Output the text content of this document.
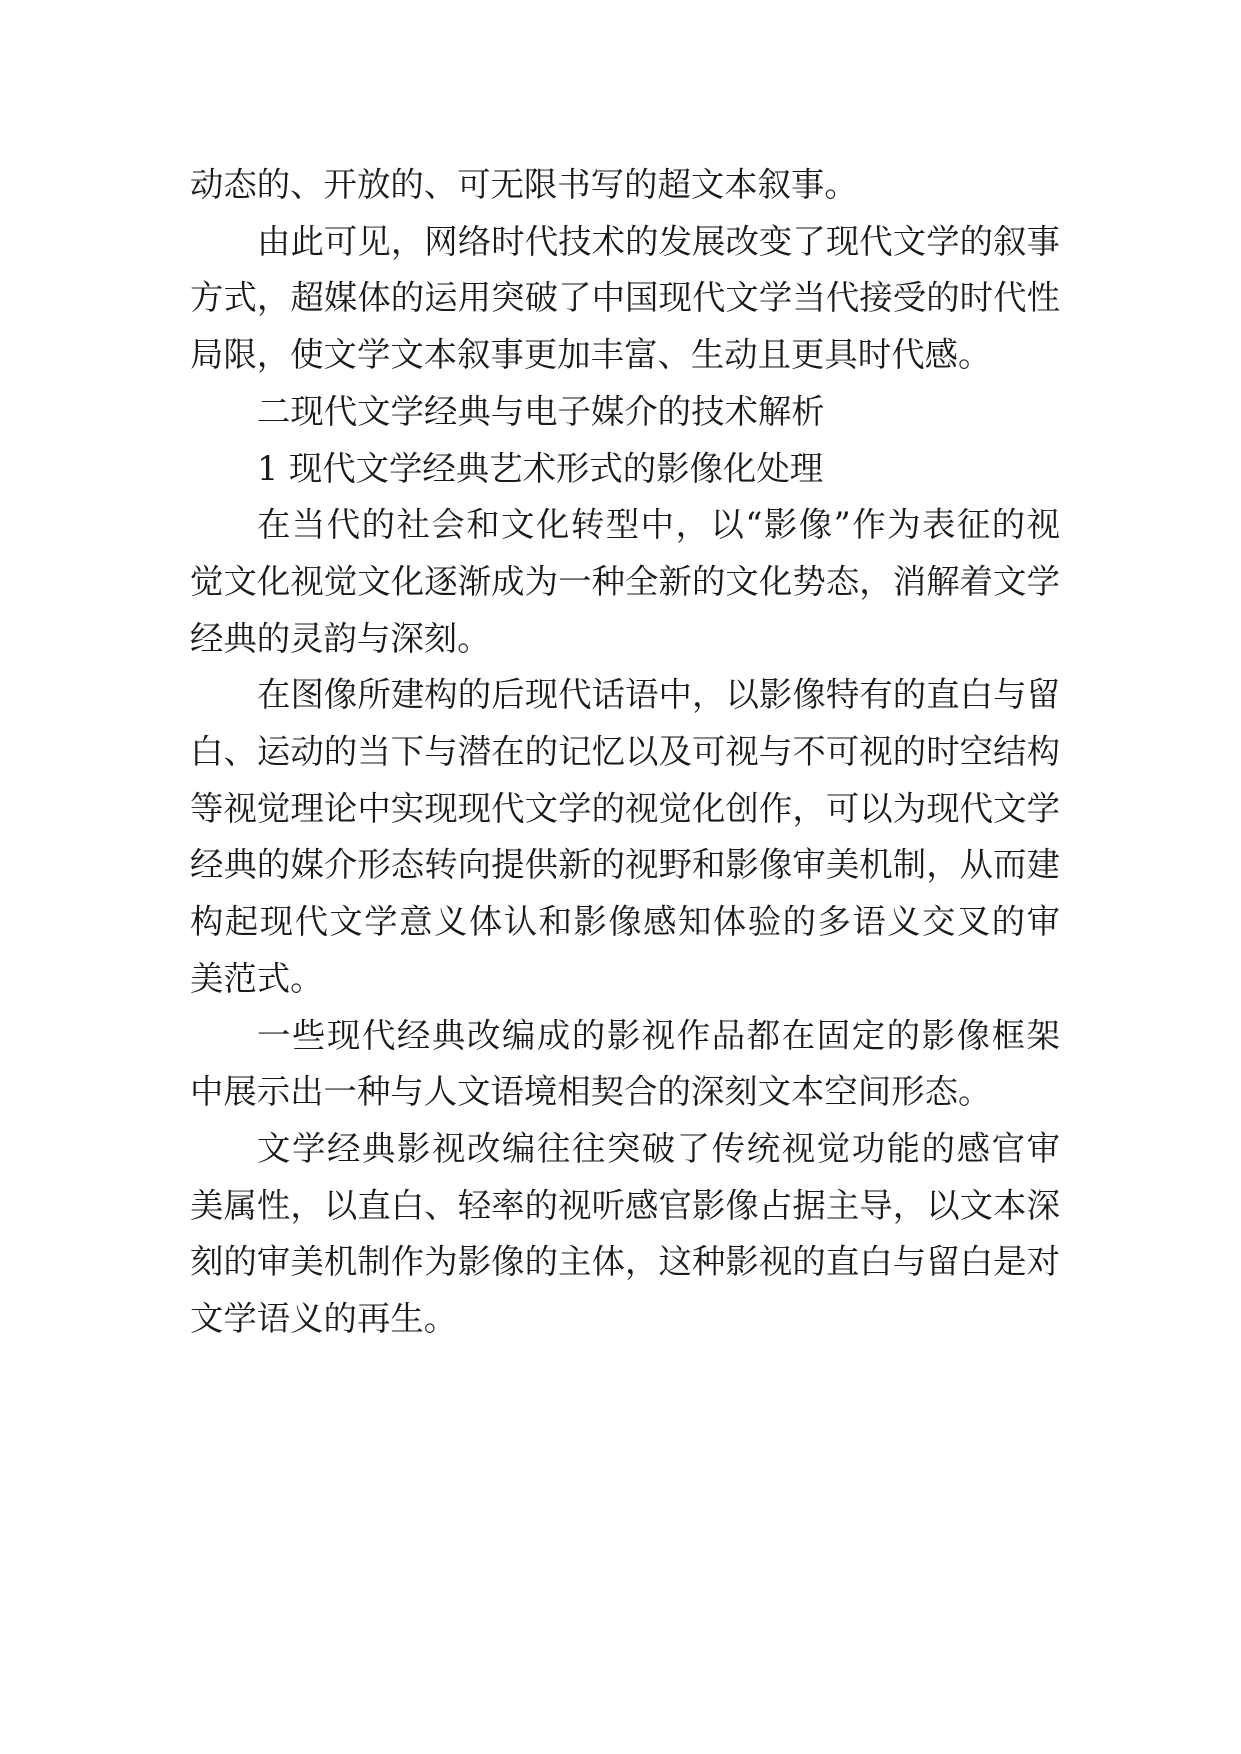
动态的、开放的、可无限书写的超文本叙事。
由此可见，网络时代技术的发展改变了现代文学的叙事
方式，超媒体的运用突破了中国现代文学当代接受的时代性
局限，使文学文本叙事更加丰富、生动且更具时代感。
二现代文学经典与电子媒介的技术解析
1 现代文学经典艺术形式的影像化处理
在当代的社会和文化转型中，以“影像”作为表征的视
觉文化视觉文化逐渐成为一种全新的文化势态，消解着文学
经典的灵韵与深刻。
在图像所建构的后现代话语中，以影像特有的直白与留
白、运动的当下与潜在的记忆以及可视与不可视的时空结构
等视觉理论中实现现代文学的视觉化创作，可以为现代文学
经典的媒介形态转向提供新的视野和影像审美机制，从而建
构起现代文学意义体认和影像感知体验的多语义交叉的审
美范式。
一些现代经典改编成的影视作品都在固定的影像框架
中展示出一种与人文语境相契合的深刻文本空间形态。
文学经典影视改编往往突破了传统视觉功能的感官审
美属性，以直白、轻率的视听感官影像占据主导，以文本深
刻的审美机制作为影像的主体，这种影视的直白与留白是对
文学语义的再生。
